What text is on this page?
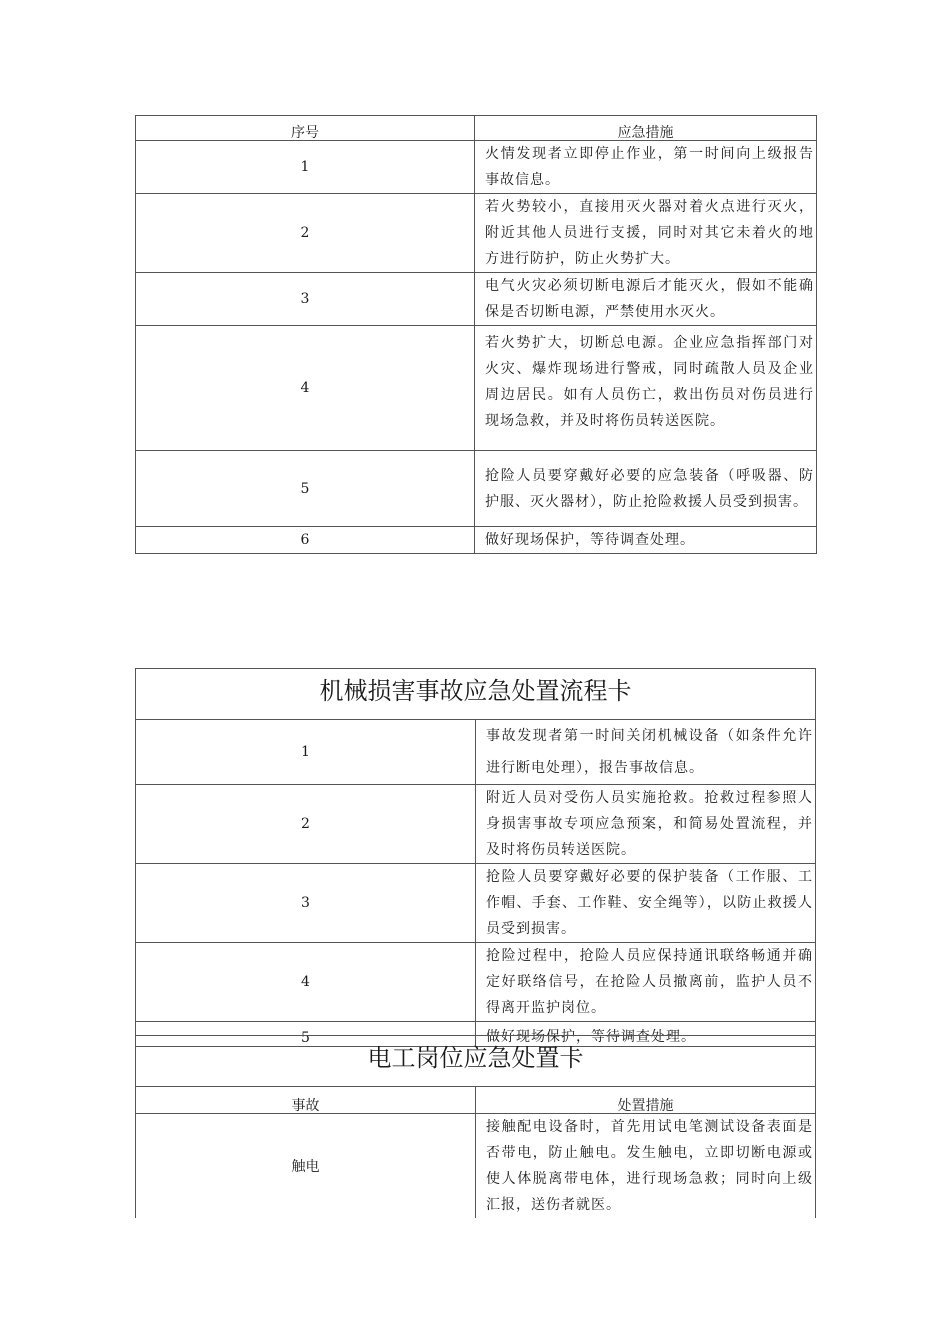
序号	应急措施
1	火情发现者立即停止作业，第一时间向上级报告事故信息。
2	若火势较小，直接用灭火器对着火点进行灭火，附近其他人员进行支援，同时对其它未着火的地方进行防护，防止火势扩大。
3	电气火灾必须切断电源后才能灭火，假如不能确保是否切断电源，严禁使用水灭火。
4	若火势扩大，切断总电源。企业应急指挥部门对火灾、爆炸现场进行警戒，同时疏散人员及企业周边居民。如有人员伤亡，救出伤员对伤员进行现场急救，并及时将伤员转送医院。
5	抢险人员要穿戴好必要的应急装备（呼吸器、防护服、灭火器材），防止抢险救援人员受到损害。
6	做好现场保护，等待调查处理。
机械损害事故应急处置流程卡	
1	事故发现者第一时间关闭机械设备（如条件允许进行断电处理），报告事故信息。
2	附近人员对受伤人员实施抢救。抢救过程参照人身损害事故专项应急预案，和简易处置流程，并及时将伤员转送医院。
3	抢险人员要穿戴好必要的保护装备（工作服、工作帽、手套、工作鞋、安全绳等），以防止救援人员受到损害。
4	抢险过程中，抢险人员应保持通讯联络畅通并确定好联络信号，在抢险人员撤离前，监护人员不得离开监护岗位。
5	做好现场保护，等待调查处理。
电工岗位应急处置卡	
事故	处置措施
触电	接触配电设备时，首先用试电笔测试设备表面是否带电，防止触电。发生触电，立即切断电源或使人体脱离带电体，进行现场急救；同时向上级汇报，送伤者就医。
